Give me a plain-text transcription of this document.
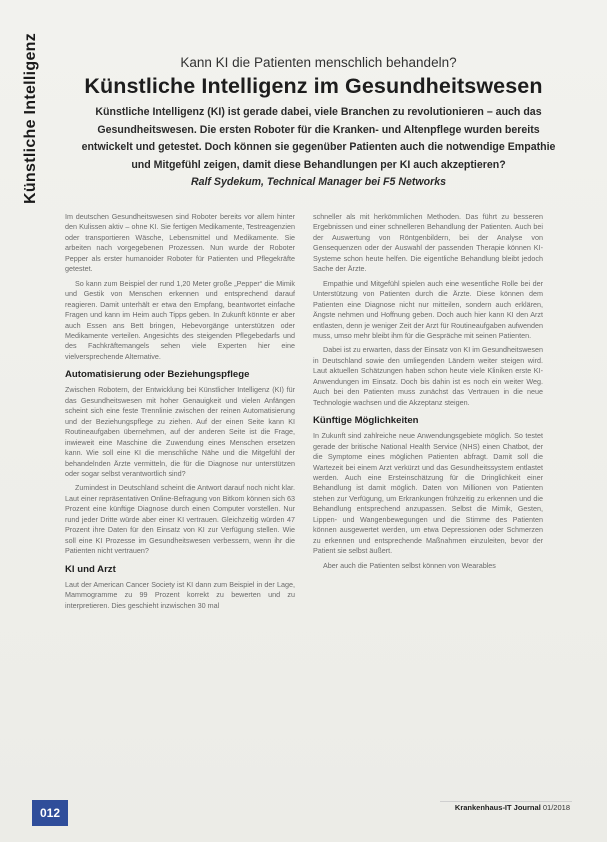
Künstliche Intelligenz	Kann KI die Patienten menschlich behandeln?
Künstliche Intelligenz im Gesundheitswesen
Künstliche Intelligenz (KI) ist gerade dabei, viele Branchen zu revolutionieren – auch das Gesundheitswesen. Die ersten Roboter für die Kranken- und Altenpflege wurden bereits entwickelt und getestet. Doch können sie gegenüber Patienten auch die notwendige Empathie und Mitgefühl zeigen, damit diese Behandlungen per KI auch akzeptieren?
Ralf Sydekum, Technical Manager bei F5 Networks

Im deutschen Gesundheitswesen sind Roboter bereits vor allem hinter den Kulissen aktiv – ohne KI. Sie fertigen Medikamente, Testreagenzien oder transportieren Wäsche, Lebensmittel und Medikamente. Sie arbeiten nach vorgegebenen Prozessen. Nun wurde der Roboter Pepper als erster humanoider Roboter für Patienten und Pflegekräfte getestet.

So kann zum Beispiel der rund 1,20 Meter große „Pepper“ die Mimik und Gestik von Menschen erkennen und entsprechend darauf reagieren. Damit unterhält er etwa den Empfang, beantwortet einfache Fragen und kann im Heim auch Tipps geben. In Zukunft könnte er aber auch Essen ans Bett bringen, Hebevorgänge unterstützen oder Medikamente verteilen. Angesichts des steigenden Pflegebedarfs und des Fachkräftemangels sehen viele Experten hier eine vielversprechende Alternative.

Automatisierung oder Beziehungspflege

Zwischen Robotern, der Entwicklung bei Künstlicher Intelligenz (KI) für das Gesundheitswesen mit hoher Genauigkeit und vielen Anfängen scheint sich eine feste Trennlinie zwischen der reinen Automatisierung und der Beziehungspflege zu ziehen. Auf der einen Seite kann KI Routineaufgaben übernehmen, auf der anderen Seite ist die Frage, inwieweit eine Maschine die Zuwendung eines Menschen ersetzen kann. Wie soll eine KI die menschliche Nähe und die Mitgefühl der behandelnden Ärzte vermitteln, die für die Diagnose nur unterstützen oder sogar selbst verantwortlich sind?

Zumindest in Deutschland scheint die Antwort darauf noch nicht klar. Laut einer repräsentativen Online-Befragung von Bitkom können sich 63 Prozent eine künftige Diagnose durch einen Computer vorstellen. Nur rund jeder Dritte würde aber einer KI vertrauen. Gleichzeitig würden 47 Prozent ihre Daten für den Einsatz von KI zur Verfügung stellen. Wie soll eine KI Prozesse im Gesundheitswesen verbessern, wenn ihr die Patienten nicht vertrauen?

KI und Arzt

Laut der American Cancer Society ist KI dann zum Beispiel in der Lage, Mammogramme zu 99 Prozent korrekt zu bewerten und zu interpretieren. Dies geschieht inzwischen 30 mal

schneller als mit herkömmlichen Methoden. Das führt zu besseren Ergebnissen und einer schnelleren Behandlung der Patienten. Auch bei der Auswertung von Röntgenbildern, bei der Analyse von Gensequenzen oder der Auswahl der passenden Therapie können KI-Systeme schon heute helfen. Die eigentliche Behandlung bleibt jedoch Sache der Ärzte.

Empathie und Mitgefühl spielen auch eine wesentliche Rolle bei der Unterstützung von Patienten durch die Ärzte. Diese können dem Patienten eine Diagnose nicht nur mitteilen, sondern auch erklären, Ängste nehmen und Hoffnung geben. Doch auch hier kann KI den Arzt entlasten, denn je weniger Zeit der Arzt für Routineaufgaben aufwenden muss, umso mehr bleibt ihm für die Gespräche mit seinen Patienten.

Dabei ist zu erwarten, dass der Einsatz von KI im Gesundheitswesen in Deutschland sowie den umliegenden Ländern weiter steigen wird. Laut aktuellen Schätzungen haben schon heute viele Kliniken erste KI-Anwendungen im Einsatz. Doch bis dahin ist es noch ein weiter Weg. Auch bei den Patienten muss zunächst das Vertrauen in die neue Technologie wachsen und die Akzeptanz steigen.

Künftige Möglichkeiten

In Zukunft sind zahlreiche neue Anwendungsgebiete möglich. So testet gerade der britische National Health Service (NHS) einen Chatbot, der die Symptome eines möglichen Patienten abfragt. Damit soll die Wartezeit bei einem Arzt verkürzt und das Gesundheitssystem entlastet werden. Auch eine Ersteinschätzung für die Dringlichkeit einer Behandlung ist damit möglich. Daten von Millionen von Patienten stehen zur Verfügung, um Erkrankungen frühzeitig zu erkennen und die Behandlung entsprechend anzupassen. Selbst die Mimik, Gesten, Lippen- und Wangenbewegungen und die Stimme des Patienten können ausgewertet werden, um etwa Depressionen oder Schmerzen zu erkennen und entsprechende Maßnahmen einzuleiten, bevor der Patient sie selbst äußert.

Aber auch die Patienten selbst können von Wearables

012	Krankenhaus-IT Journal 01/2018
